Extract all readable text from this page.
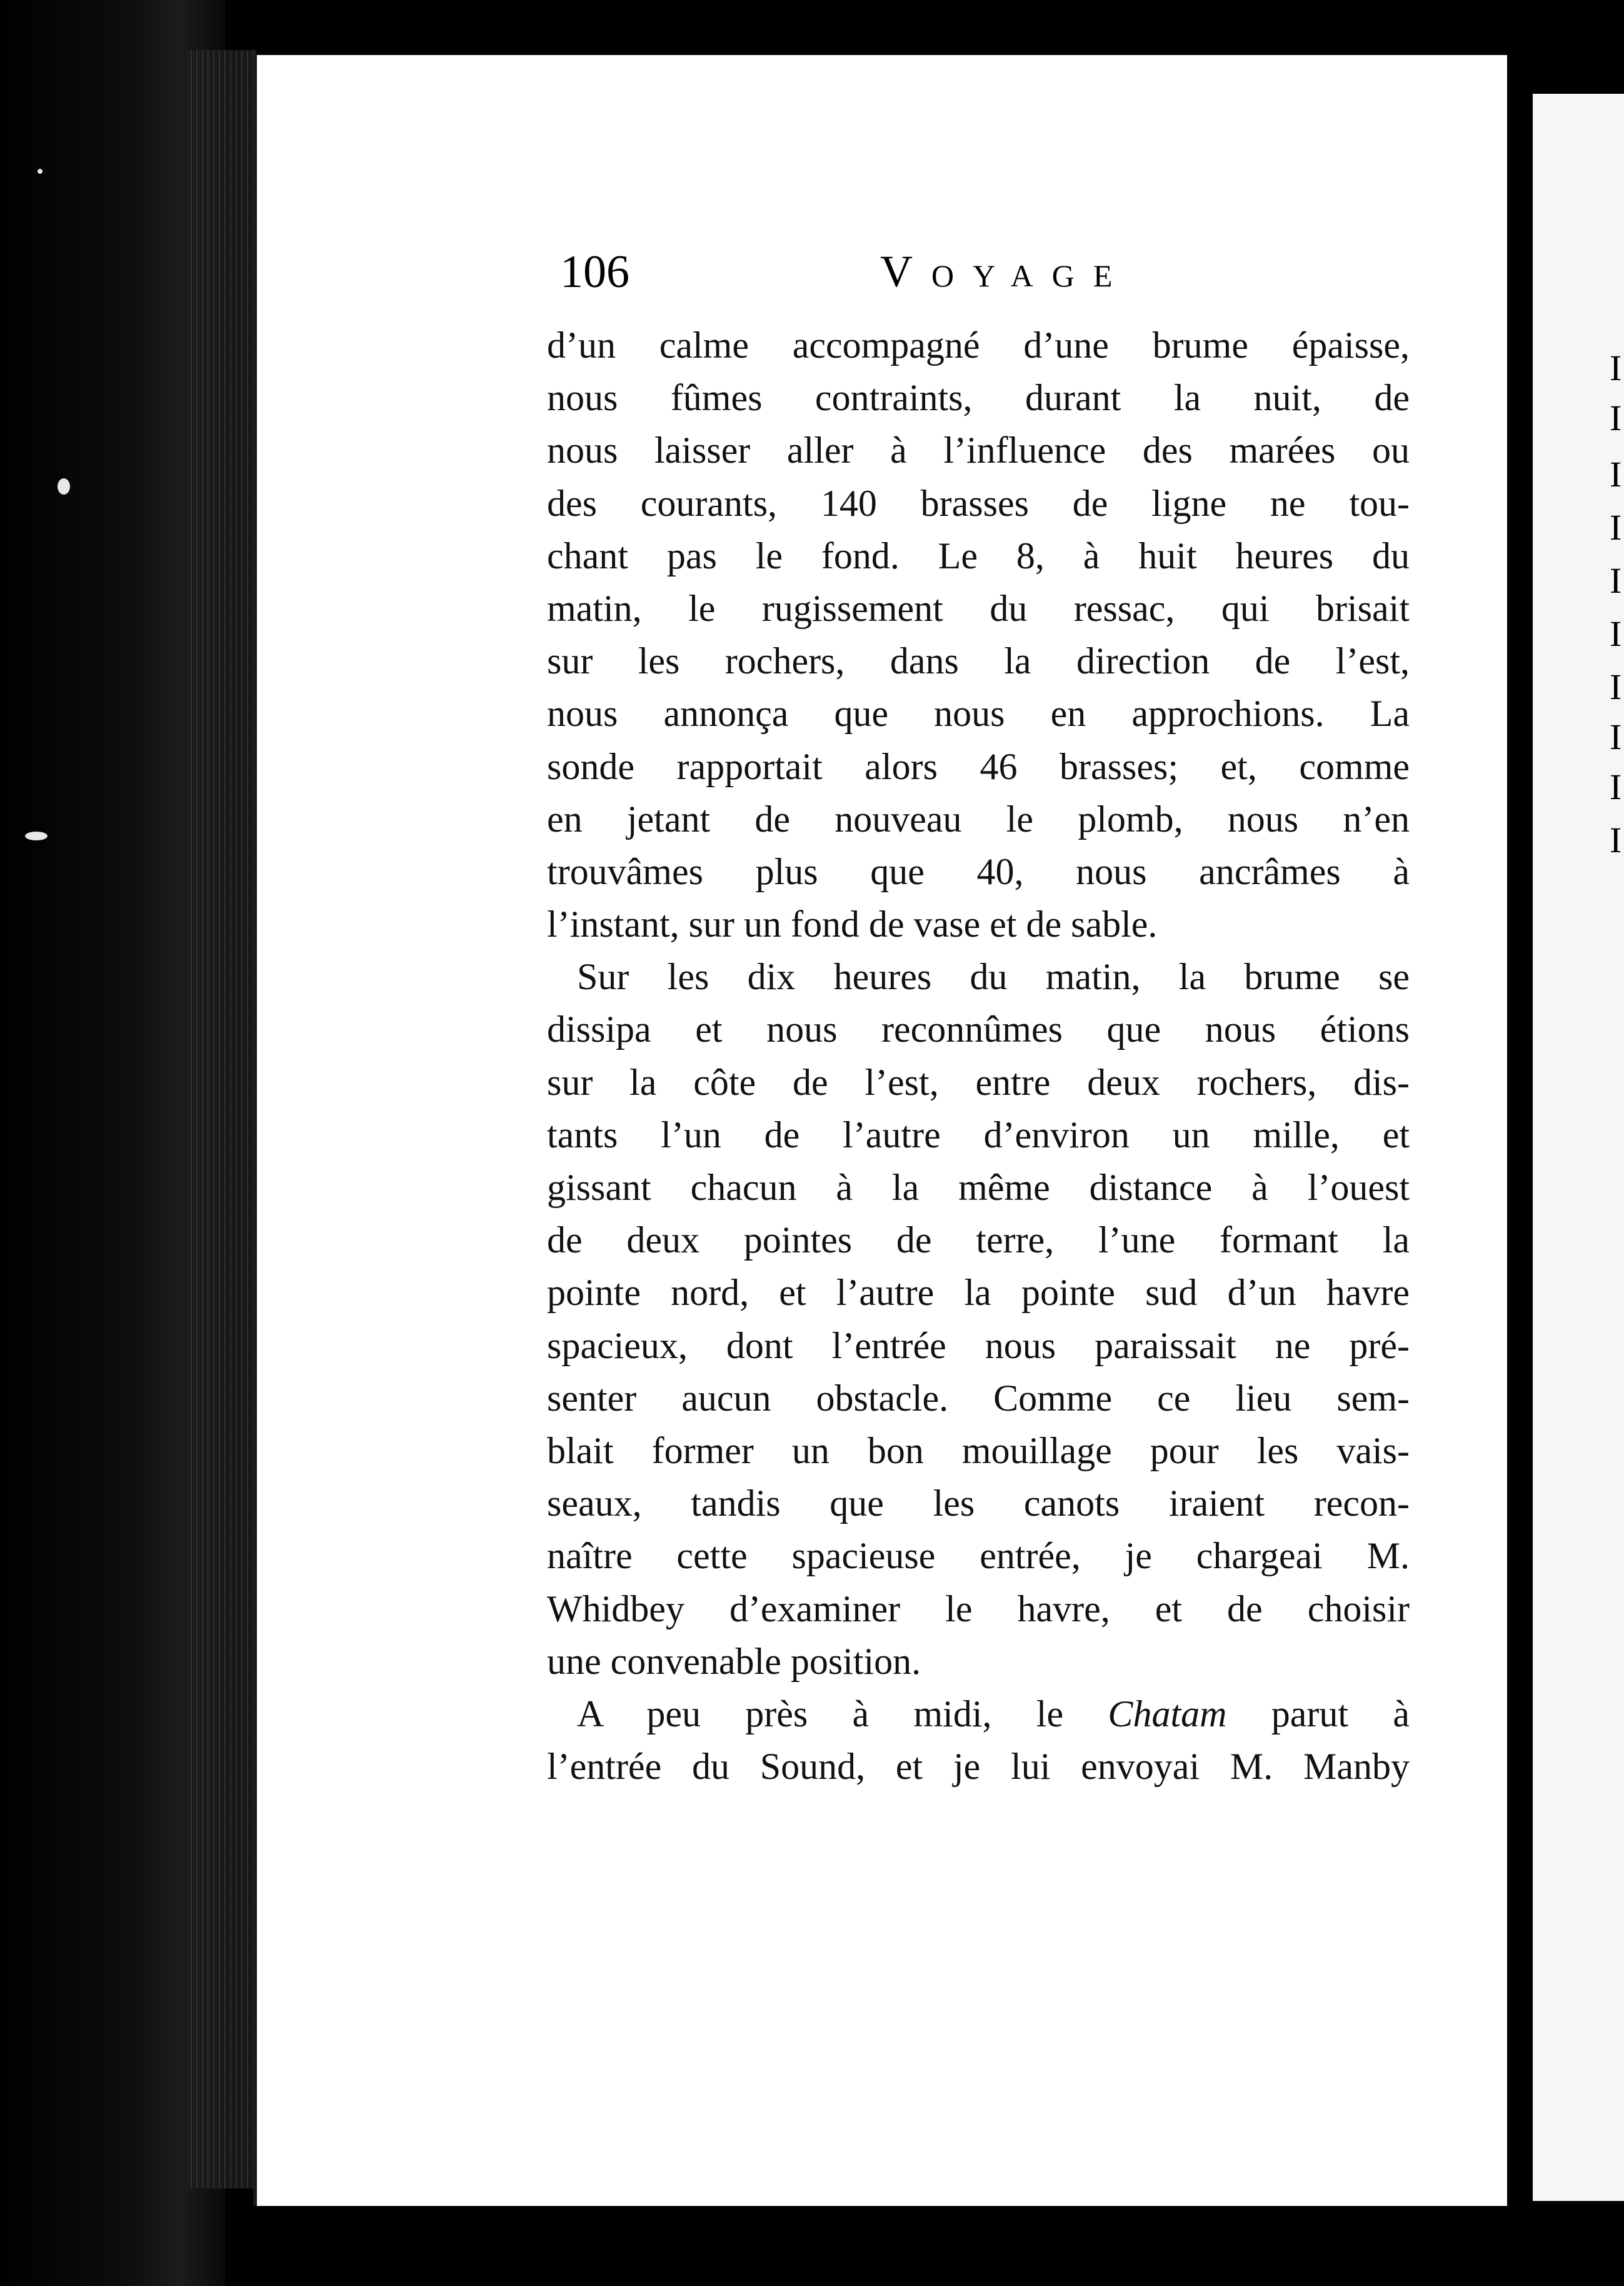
I
I
I
I
I
I
I
I
I
I
106	Voyage
d’un calme accompagné d’une brume épaisse,
nous fûmes contraints, durant la nuit, de
nous laisser aller à l’influence des marées ou
des courants, 140 brasses de ligne ne tou-
chant pas le fond. Le 8, à huit heures du
matin, le rugissement du ressac, qui brisait
sur les rochers, dans la direction de l’est,
nous annonça que nous en approchions. La
sonde rapportait alors 46 brasses; et, comme
en jetant de nouveau le plomb, nous n’en
trouvâmes plus que 40, nous ancrâmes à
l’instant, sur un fond de vase et de sable.
Sur les dix heures du matin, la brume se
dissipa et nous reconnûmes que nous étions
sur la côte de l’est, entre deux rochers, dis-
tants l’un de l’autre d’environ un mille, et
gissant chacun à la même distance à l’ouest
de deux pointes de terre, l’une formant la
pointe nord, et l’autre la pointe sud d’un havre
spacieux, dont l’entrée nous paraissait ne pré-
senter aucun obstacle. Comme ce lieu sem-
blait former un bon mouillage pour les vais-
seaux, tandis que les canots iraient recon-
naître cette spacieuse entrée, je chargeai M.
Whidbey d’examiner le havre, et de choisir
une convenable position.
A peu près à midi, le Chatam parut à
l’entrée du Sound, et je lui envoyai M. Manby
